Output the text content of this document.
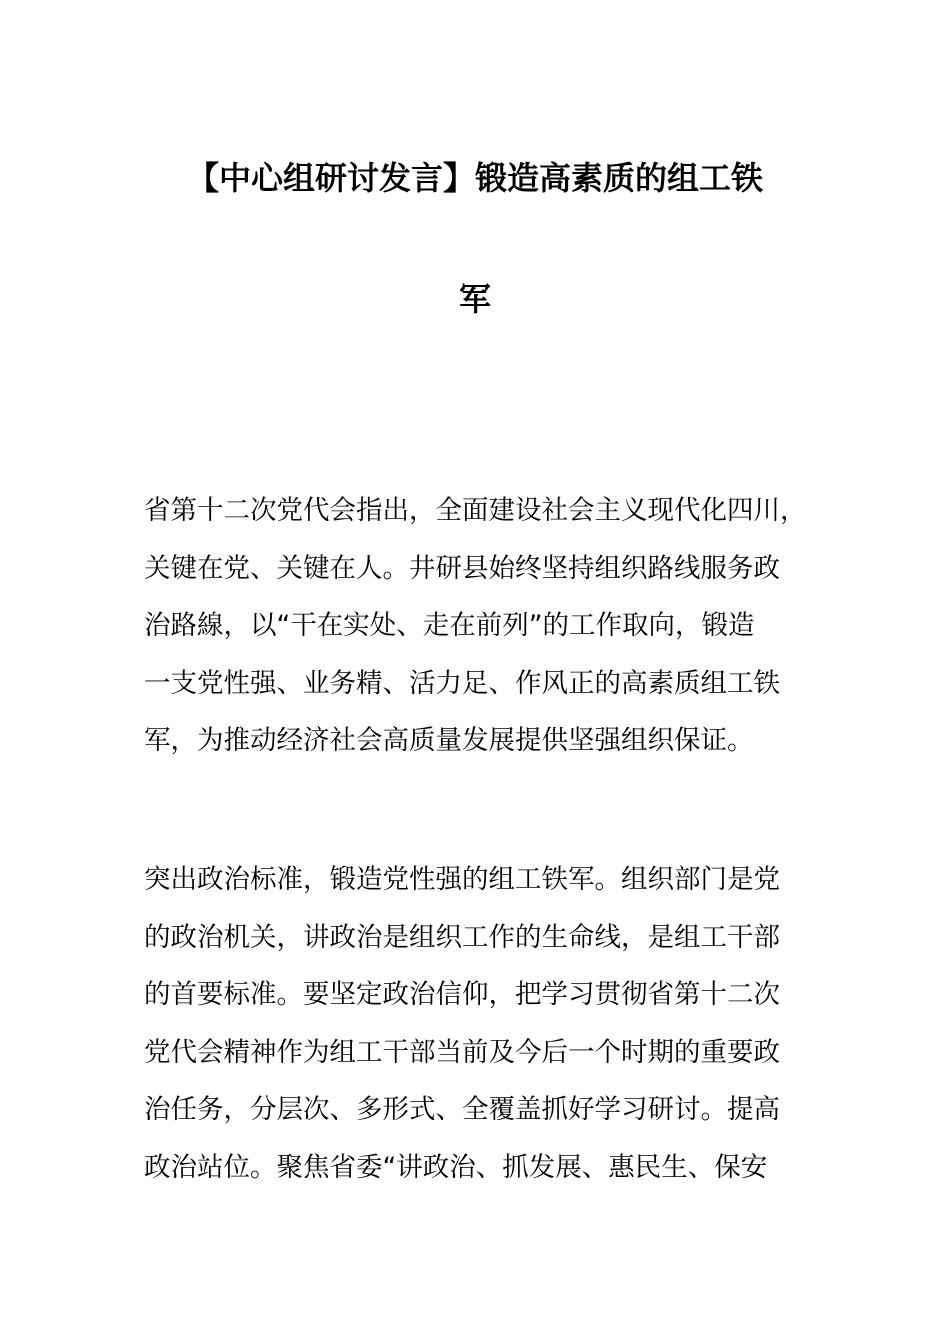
【中心组研讨发言】锻造高素质的组工铁
军
省第十二次党代会指出，全面建设社会主义现代化四川，
关键在党、关键在人。井研县始终坚持组织路线服务政
治路線，以“干在实处、走在前列”的工作取向，锻造
一支党性强、业务精、活力足、作风正的高素质组工铁
军，为推动经济社会高质量发展提供坚强组织保证。
突出政治标准，锻造党性强的组工铁军。组织部门是党
的政治机关，讲政治是组织工作的生命线，是组工干部
的首要标准。要坚定政治信仰，把学习贯彻省第十二次
党代会精神作为组工干部当前及今后一个时期的重要政
治任务，分层次、多形式、全覆盖抓好学习研讨。提高
政治站位。聚焦省委“讲政治、抓发展、惠民生、保安
